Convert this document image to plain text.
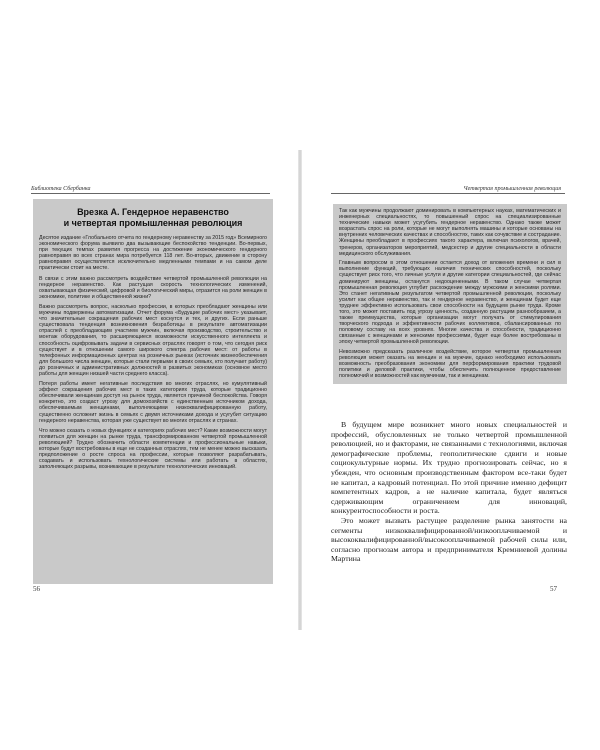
Библиотека Сбербанка
Врезка А. Гендерное неравенство
и четвертая промышленная революция

Десятое издание «Глобального отчета по гендерному неравенству за 2015 год» Всемирного экономического форума выявило два вызывающие беспокойство тенденции. Во-первых, при текущих темпах развития прогресса на достижение экономического гендерного равноправия во всех странах мира потребуется 118 лет. Во-вторых, движение в сторону равноправия осуществляется исключительно медленными темпами и на самом деле практически стоит на месте.

В связи с этим важно рассмотреть воздействие четвертой промышленной революции на гендерное неравенство. Как растущая скорость технологических изменений, охватывающая физический, цифровой и биологический миры, отразится на роли женщин в экономике, политике и общественной жизни?

Важно рассмотреть вопрос, насколько профессии, в которых преобладают женщины или мужчины подвержены автоматизации. Отчет форума «Будущие рабочих мест» указывает, что значительные сокращения рабочих мест коснутся и тех, и других. Если раньше существовала тенденция возникновения безработицы в результате автоматизации отраслей с преобладающим участием мужчин, включая производство, строительство и монтаж оборудования, то расширяющиеся возможности искусственного интеллекта и способность оцифровывать задачи в сервисных отраслях говорят о том, что сегодня риск существует и в отношении самого широкого спектра рабочих мест: от работы в телефонных информационных центрах на розничных рынках (источник жизнеобеспечения для большого числа женщин, которые стали первыми в своих семьях, кто получает работу) до розничных и административных должностей в развитых экономиках (основное место работы для женщин низшей части среднего класса).

Потеря работы имеет негативные последствия во многих отраслях, но кумулятивный эффект сокращения рабочих мест в таких категориях труда, которые традиционно обеспечивали женщинам доступ на рынок труда, является причиной беспокойства. Говоря конкретно, это создаст угрозу для домохозяйств с единственным источником дохода, обеспечиваемым женщинами, выполняющими низкоквалифицированную работу, существенно осложнит жизнь в семьях с двумя источниками дохода и усугубит ситуацию гендерного неравенства, которая уже существует во многих отраслях и странах.

Что можно сказать о новых функциях и категориях рабочих мест? Какие возможности могут появиться для женщин на рынке труда, трансформированном четвертой промышленной революцией? Трудно обозначить области компетенции и профессиональные навыки, которые будут востребованы в еще не созданных отраслях, тем не менее можно высказать предположение о росте спроса на профессии, которые позволяют разрабатывать, создавать и использовать технологические системы или работать в областях, заполняющих разрывы, возникающие в результате технологических инноваций.

56
Четвертая промышленная революция

Так как мужчины продолжают доминировать в компьютерных науках, математических и инженерных специальностях, то повышенный спрос на специализированные технические навыки может усугубить гендерное неравенство. Однако также может возрастать спрос на роли, которые не могут выполнять машины и которые основаны на внутренних человеческих качествах и способностях, таких как сочувствие и сострадание. Женщины преобладают в профессиях такого характера, включая психологов, врачей, тренеров, организаторов мероприятий, медсестер и другие специальности в области медицинского обслуживания.

Главным вопросом в этом отношении остается доход от вложения времени и сил в выполнение функций, требующих наличия технических способностей, поскольку существует риск того, что личные услуги и другие категории специальностей, где сейчас доминируют женщины, останутся недооцененными. В таком случае четвертая промышленная революция углубит расхождение между мужскими и женскими ролями. Это станет негативным результатом четвертой промышленной революции, поскольку усилит как общее неравенство, так и гендерное неравенство, и женщинам будет еще труднее эффективно использовать свои способности на будущем рынке труда. Кроме того, это может поставить под угрозу ценность, созданную растущим разнообразием, а также преимущества, которые организации могут получать от стимулирования творческого подхода и эффективности рабочих коллективов, сбалансированных по половому составу на всех уровнях. Многие качества и способности, традиционно связанные с женщинами и женскими профессиями, будет еще более востребованы в эпоху четвертой промышленной революции.

Невозможно предсказать различное воздействие, которое четвертая промышленная революция может оказать на женщин и на мужчин, однако необходимо использовать возможность преобразования экономики для перформирования практики трудовой политики и деловой практики, чтобы обеспечить полноценное предоставление полномочий и возможностей как мужчинам, так и женщинам.

В будущем мире возникнет много новых специальностей и профессий, обусловленных не только четвертой промышленной революцией, но и факторами, не связанными с технологиями, включая демографические проблемы, геополитические сдвиги и новые социокультурные нормы. Их трудно прогнозировать сейчас, но я убежден, что основным производственным фактором все-таки будет не капитал, а кадровый потенциал. По этой причине именно дефицит компетентных кадров, а не наличие капитала, будет являться сдерживающим ограничением для инноваций, конкурентоспособности и роста.

Это может вызвать растущее разделение рынка занятости на сегменты низкоквалифицированной/низкооплачиваемой и высококвалифицированной/высокооплачиваемой рабочей силы или, согласно прогнозам автора и предпринимателя Кремниевой долины Мартина

57
